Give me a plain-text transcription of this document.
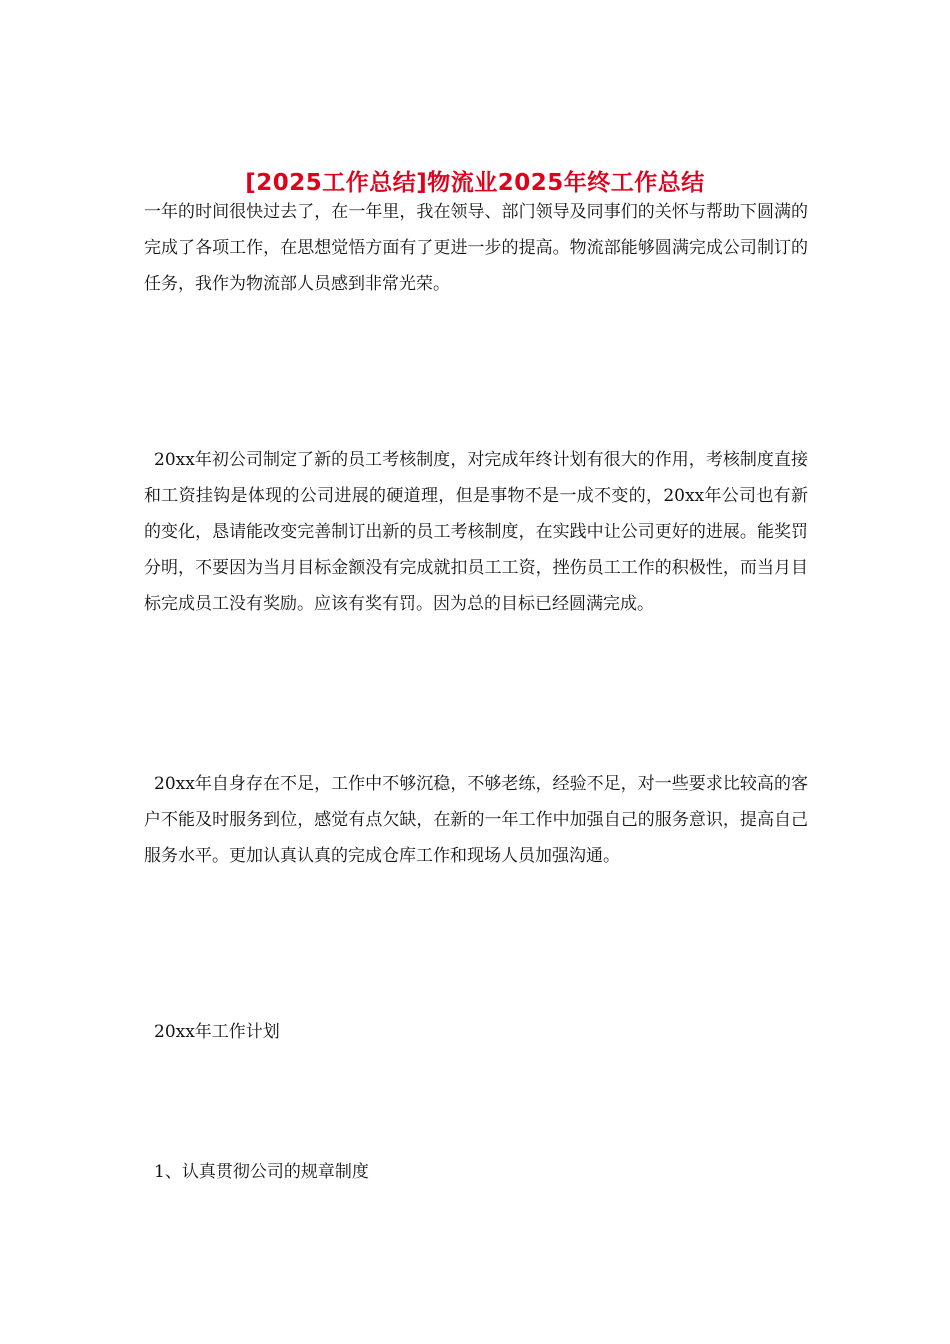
[2025工作总结]物流业2025年终工作总结

一年的时间很快过去了，在一年里，我在领导、部门领导及同事们的关怀与帮助下圆满的完成了各项工作，在思想觉悟方面有了更进一步的提高。物流部能够圆满完成公司制订的任务，我作为物流部人员感到非常光荣。

20xx年初公司制定了新的员工考核制度，对完成年终计划有很大的作用，考核制度直接和工资挂钩是体现的公司进展的硬道理，但是事物不是一成不变的，20xx年公司也有新的变化，恳请能改变完善制订出新的员工考核制度，在实践中让公司更好的进展。能奖罚分明，不要因为当月目标金额没有完成就扣员工工资，挫伤员工工作的积极性，而当月目标完成员工没有奖励。应该有奖有罚。因为总的目标已经圆满完成。

20xx年自身存在不足，工作中不够沉稳，不够老练，经验不足，对一些要求比较高的客户不能及时服务到位，感觉有点欠缺，在新的一年工作中加强自己的服务意识，提高自己服务水平。更加认真认真的完成仓库工作和现场人员加强沟通。

20xx年工作计划

1、认真贯彻公司的规章制度
